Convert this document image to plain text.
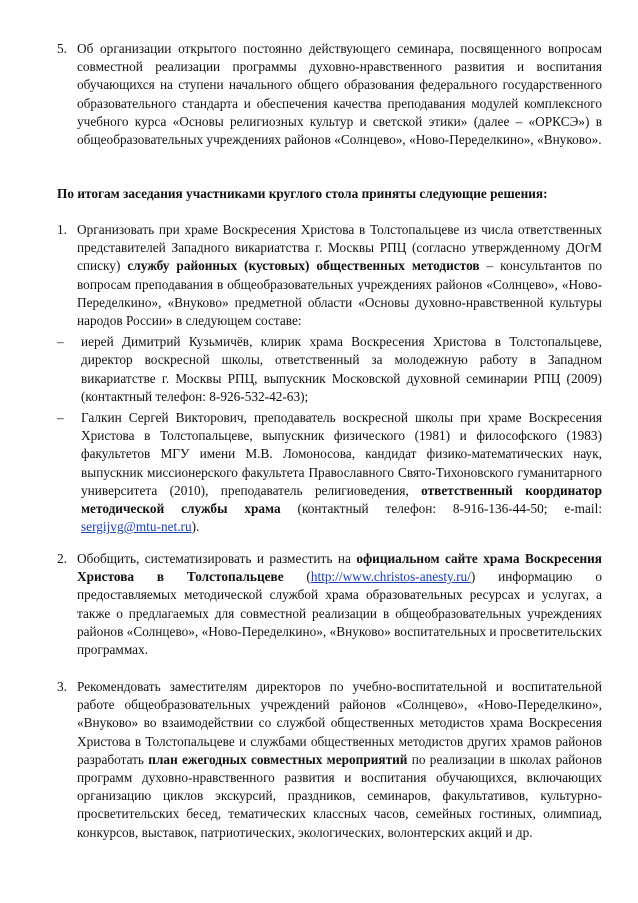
5. Об организации открытого постоянно действующего семинара, посвященного вопросам совместной реализации программы духовно-нравственного развития и воспитания обучающихся на ступени начального общего образования федерального государственного образовательного стандарта и обеспечения качества преподавания модулей комплексного учебного курса «Основы религиозных культур и светской этики» (далее – «ОРКСЭ») в общеобразовательных учреждениях районов «Солнцево», «Ново-Переделкино», «Внуково».
По итогам заседания участниками круглого стола приняты следующие решения:
1. Организовать при храме Воскресения Христова в Толстопальцеве из числа ответственных представителей Западного викариатства г. Москвы РПЦ (согласно утвержденному ДОгМ списку) службу районных (кустовых) общественных методистов – консультантов по вопросам преподавания в общеобразовательных учреждениях районов «Солнцево», «Ново-Переделкино», «Внуково» предметной области «Основы духовно-нравственной культуры народов России» в следующем составе:
–	иерей Димитрий Кузьмичёв, клирик храма Воскресения Христова в Толстопальцеве, директор воскресной школы, ответственный за молодежную работу в Западном викариатстве г. Москвы РПЦ, выпускник Московской духовной семинарии РПЦ (2009) (контактный телефон: 8-926-532-42-63);
–	Галкин Сергей Викторович, преподаватель воскресной школы при храме Воскресения Христова в Толстопальцеве, выпускник физического (1981) и философского (1983) факультетов МГУ имени М.В. Ломоносова, кандидат физико-математических наук, выпускник миссионерского факультета Православного Свято-Тихоновского гуманитарного университета (2010), преподаватель религиоведения, ответственный координатор методической службы храма (контактный телефон: 8-916-136-44-50; e-mail: sergijvg@mtu-net.ru).
2. Обобщить, систематизировать и разместить на официальном сайте храма Воскресения Христова в Толстопальцеве (http://www.christos-anesty.ru/) информацию о предоставляемых методической службой храма образовательных ресурсах и услугах, а также о предлагаемых для совместной реализации в общеобразовательных учреждениях районов «Солнцево», «Ново-Переделкино», «Внуково» воспитательных и просветительских программах.
3. Рекомендовать заместителям директоров по учебно-воспитательной и воспитательной работе общеобразовательных учреждений районов «Солнцево», «Ново-Переделкино», «Внуково» во взаимодействии со службой общественных методистов храма Воскресения Христова в Толстопальцеве и службами общественных методистов других храмов районов разработать план ежегодных совместных мероприятий по реализации в школах районов программ духовно-нравственного развития и воспитания обучающихся, включающих организацию циклов экскурсий, праздников, семинаров, факультативов, культурно-просветительских бесед, тематических классных часов, семейных гостиных, олимпиад, конкурсов, выставок, патриотических, экологических, волонтерских акций и др.
